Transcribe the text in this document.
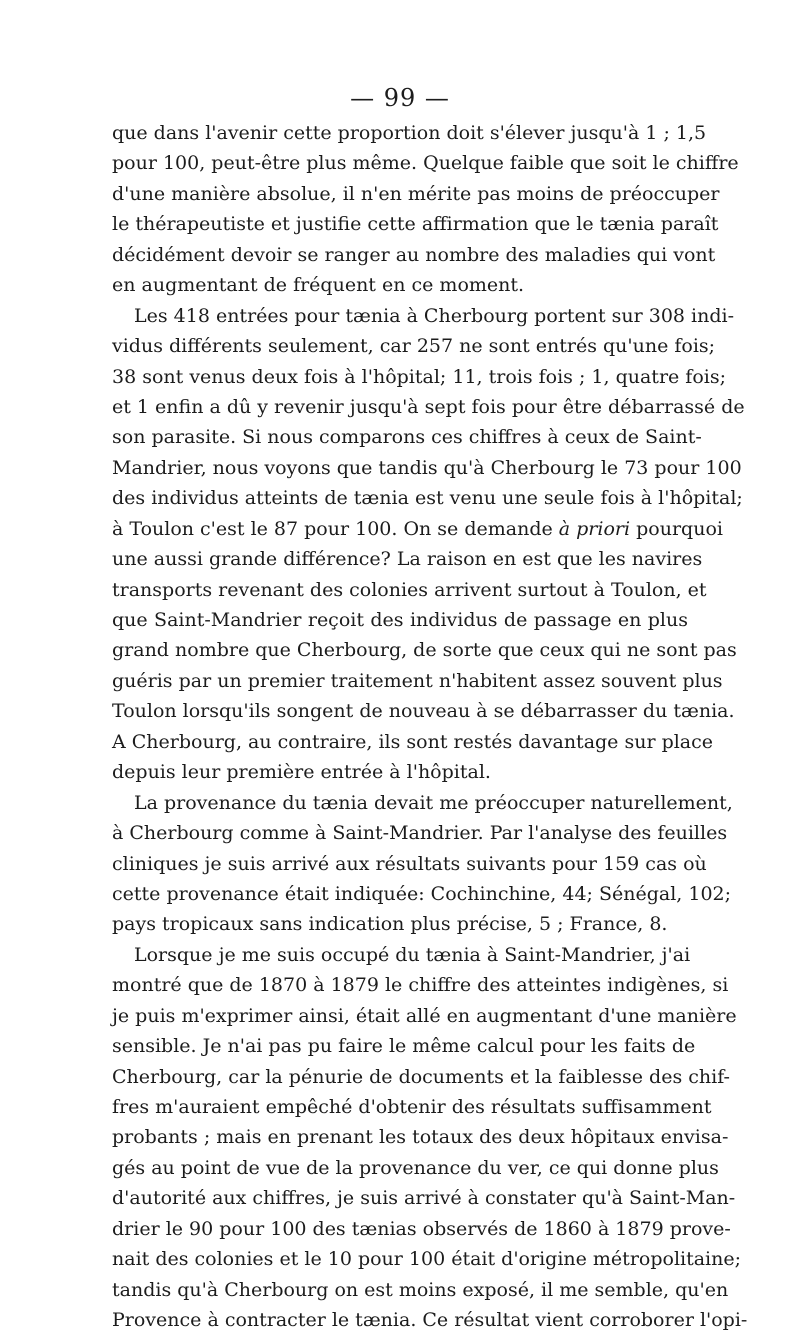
— 99 —
que dans l'avenir cette proportion doit s'élever jusqu'à 1 ; 1,5
pour 100, peut-être plus même. Quelque faible que soit le chiffre
d'une manière absolue, il n'en mérite pas moins de préoccuper
le thérapeutiste et justifie cette affirmation que le tænia paraît
décidément devoir se ranger au nombre des maladies qui vont
en augmentant de fréquent en ce moment.
Les 418 entrées pour tænia à Cherbourg portent sur 308 indi-
vidus différents seulement, car 257 ne sont entrés qu'une fois;
38 sont venus deux fois à l'hôpital; 11, trois fois ; 1, quatre fois;
et 1 enfin a dû y revenir jusqu'à sept fois pour être débarrassé de
son parasite. Si nous comparons ces chiffres à ceux de Saint-
Mandrier, nous voyons que tandis qu'à Cherbourg le 73 pour 100
des individus atteints de tænia est venu une seule fois à l'hôpital;
à Toulon c'est le 87 pour 100. On se demande à priori pourquoi
une aussi grande différence? La raison en est que les navires
transports revenant des colonies arrivent surtout à Toulon, et
que Saint-Mandrier reçoit des individus de passage en plus
grand nombre que Cherbourg, de sorte que ceux qui ne sont pas
guéris par un premier traitement n'habitent assez souvent plus
Toulon lorsqu'ils songent de nouveau à se débarrasser du tænia.
A Cherbourg, au contraire, ils sont restés davantage sur place
depuis leur première entrée à l'hôpital.
La provenance du tænia devait me préoccuper naturellement,
à Cherbourg comme à Saint-Mandrier. Par l'analyse des feuilles
cliniques je suis arrivé aux résultats suivants pour 159 cas où
cette provenance était indiquée: Cochinchine, 44; Sénégal, 102;
pays tropicaux sans indication plus précise, 5 ; France, 8.
Lorsque je me suis occupé du tænia à Saint-Mandrier, j'ai
montré que de 1870 à 1879 le chiffre des atteintes indigènes, si
je puis m'exprimer ainsi, était allé en augmentant d'une manière
sensible. Je n'ai pas pu faire le même calcul pour les faits de
Cherbourg, car la pénurie de documents et la faiblesse des chif-
fres m'auraient empêché d'obtenir des résultats suffisamment
probants ; mais en prenant les totaux des deux hôpitaux envisa-
gés au point de vue de la provenance du ver, ce qui donne plus
d'autorité aux chiffres, je suis arrivé à constater qu'à Saint-Man-
drier le 90 pour 100 des tænias observés de 1860 à 1879 prove-
nait des colonies et le 10 pour 100 était d'origine métropolitaine;
tandis qu'à Cherbourg on est moins exposé, il me semble, qu'en
Provence à contracter le tænia. Ce résultat vient corroborer l'opi-
